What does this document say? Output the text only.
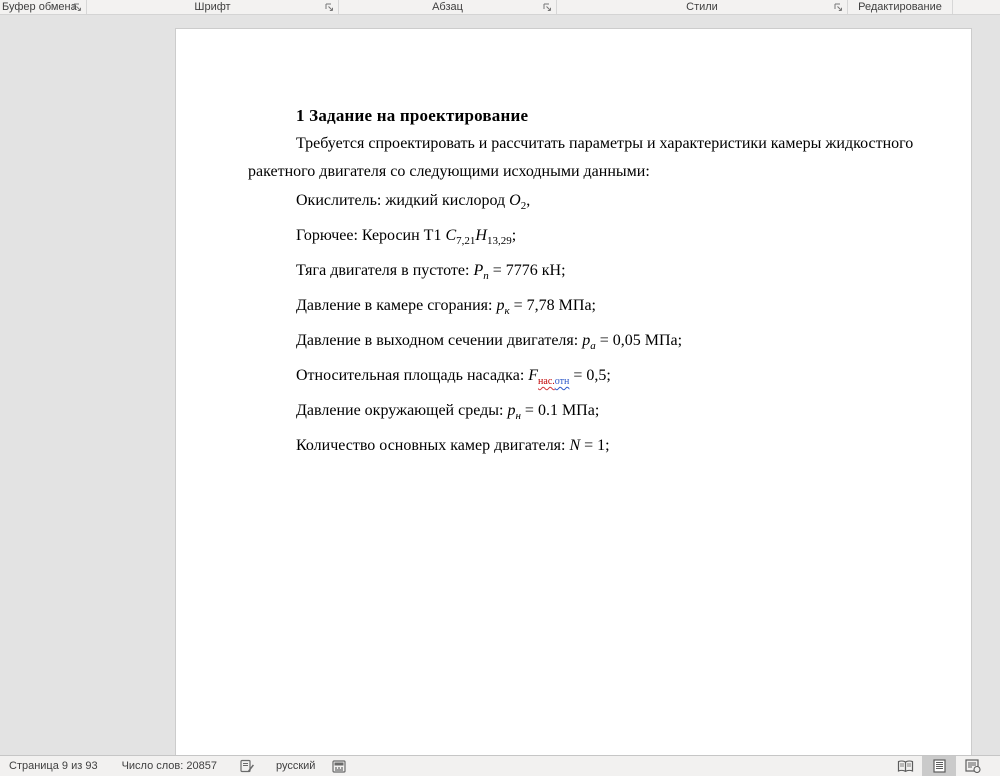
Буфер обмена	Шрифт	Абзац	Стили	Редактирование
1 Задание на проектирование
Требуется спроектировать и рассчитать параметры и характеристики камеры жидкостного
ракетного двигателя со следующими исходными данными:
Окислитель: жидкий кислород $O_2$,
Горючее: Керосин Т1 $C_{7,21}H_{13,29}$;
Тяга двигателя в пустоте: $P_п = 7776$ кН;
Давление в камере сгорания: $p_к = 7,78$ МПа;
Давление в выходном сечении двигателя: $p_а = 0,05$ МПа;
Относительная площадь насадка: $F_{нас.отн} = 0,5$;
Давление окружающей среды: $p_н = 0.1$ МПа;
Количество основных камер двигателя: N = 1;
Страница 9 из 93	Число слов: 20857	русский
